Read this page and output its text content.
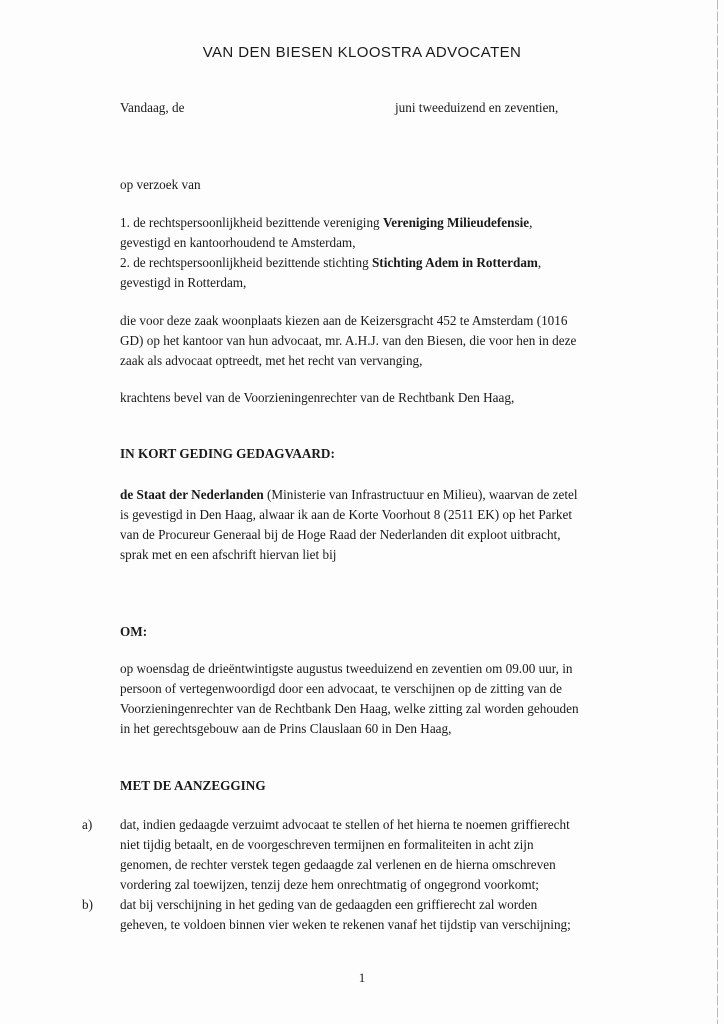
VAN DEN BIESEN KLOOSTRA ADVOCATEN
Vandaag, de	juni tweeduizend en zeventien,
op verzoek van
1. de rechtspersoonlijkheid bezittende vereniging Vereniging Milieudefensie,
gevestigd en kantoorhoudend te Amsterdam,
2. de rechtspersoonlijkheid bezittende stichting Stichting Adem in Rotterdam,
gevestigd in Rotterdam,
die voor deze zaak woonplaats kiezen aan de Keizersgracht 452 te Amsterdam (1016
GD) op het kantoor van hun advocaat, mr. A.H.J. van den Biesen, die voor hen in deze
zaak als advocaat optreedt, met het recht van vervanging,
krachtens bevel van de Voorzieningenrechter van de Rechtbank Den Haag,
IN KORT GEDING GEDAGVAARD:
de Staat der Nederlanden (Ministerie van Infrastructuur en Milieu), waarvan de zetel
is gevestigd in Den Haag, alwaar ik aan de Korte Voorhout 8 (2511 EK) op het Parket
van de Procureur Generaal bij de Hoge Raad der Nederlanden dit exploot uitbracht,
sprak met en een afschrift hiervan liet bij
OM:
op woensdag de drieëntwintigste augustus tweeduizend en zeventien om 09.00 uur, in
persoon of vertegenwoordigd door een advocaat, te verschijnen op de zitting van de
Voorzieningenrechter van de Rechtbank Den Haag, welke zitting zal worden gehouden
in het gerechtsgebouw aan de Prins Clauslaan 60 in Den Haag,
MET DE AANZEGGING
a) dat, indien gedaagde verzuimt advocaat te stellen of het hierna te noemen griffierecht
niet tijdig betaalt, en de voorgeschreven termijnen en formaliteiten in acht zijn
genomen, de rechter verstek tegen gedaagde zal verlenen en de hierna omschreven
vordering zal toewijzen, tenzij deze hem onrechtmatig of ongegrond voorkomt;
b) dat bij verschijning in het geding van de gedaagden een griffierecht zal worden
geheven, te voldoen binnen vier weken te rekenen vanaf het tijdstip van verschijning;
1
